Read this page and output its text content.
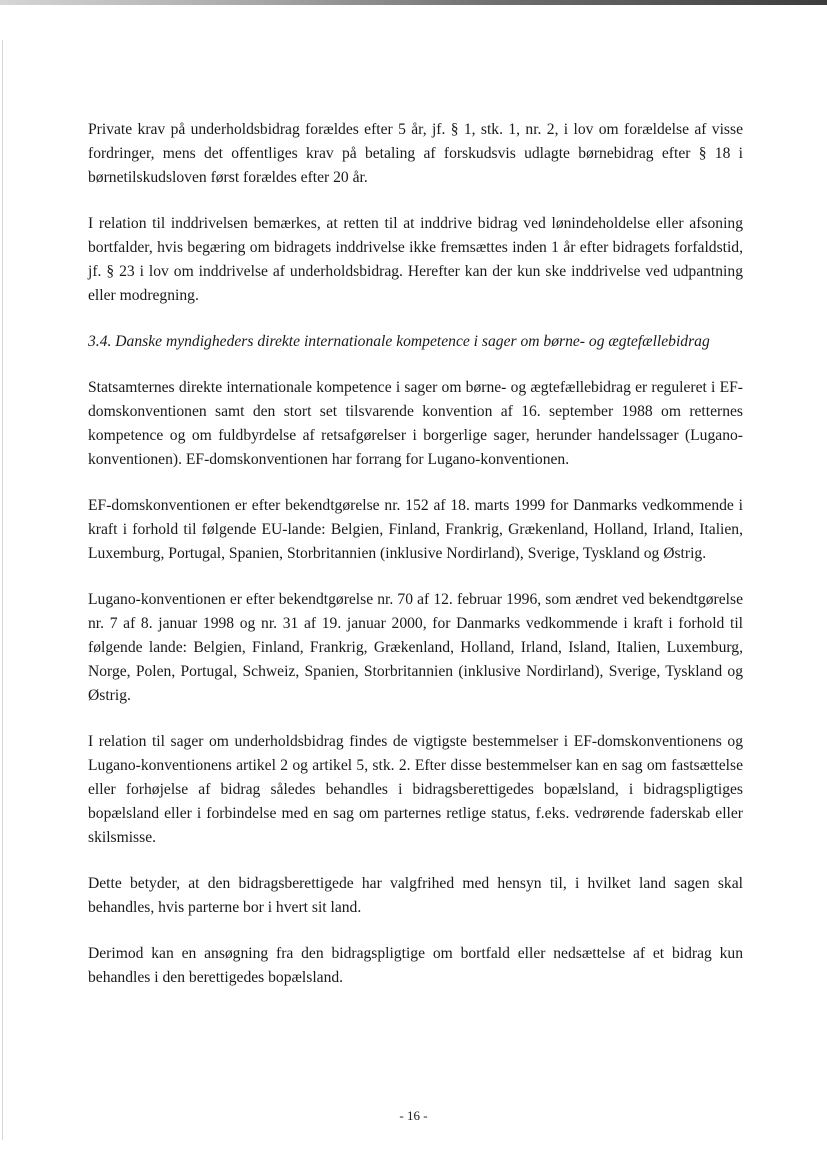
Private krav på underholdsbidrag forældes efter 5 år, jf. § 1, stk. 1, nr. 2, i lov om forældelse af visse fordringer, mens det offentliges krav på betaling af forskudsvis udlagte børnebidrag efter § 18 i børnetilskudsloven først forældes efter 20 år.

I relation til inddrivelsen bemærkes, at retten til at inddrive bidrag ved lønindeholdelse eller afsoning bortfalder, hvis begæring om bidragets inddrivelse ikke fremsættes inden 1 år efter bidragets forfaldstid, jf. § 23 i lov om inddrivelse af underholdsbidrag. Herefter kan der kun ske inddrivelse ved udpantning eller modregning.

3.4. Danske myndigheders direkte internationale kompetence i sager om børne- og ægtefællebidrag

Statsamternes direkte internationale kompetence i sager om børne- og ægtefællebidrag er reguleret i EF-domskonventionen samt den stort set tilsvarende konvention af 16. september 1988 om retternes kompetence og om fuldbyrdelse af retsafgørelser i borgerlige sager, herunder handelssager (Lugano-konventionen). EF-domskonventionen har forrang for Lugano-konventionen.

EF-domskonventionen er efter bekendtgørelse nr. 152 af 18. marts 1999 for Danmarks vedkommende i kraft i forhold til følgende EU-lande: Belgien, Finland, Frankrig, Grækenland, Holland, Irland, Italien, Luxemburg, Portugal, Spanien, Storbritannien (inklusive Nordirland), Sverige, Tyskland og Østrig.

Lugano-konventionen er efter bekendtgørelse nr. 70 af 12. februar 1996, som ændret ved bekendtgørelse nr. 7 af 8. januar 1998 og nr. 31 af 19. januar 2000, for Danmarks vedkommende i kraft i forhold til følgende lande: Belgien, Finland, Frankrig, Grækenland, Holland, Irland, Island, Italien, Luxemburg, Norge, Polen, Portugal, Schweiz, Spanien, Storbritannien (inklusive Nordirland), Sverige, Tyskland og Østrig.

I relation til sager om underholdsbidrag findes de vigtigste bestemmelser i EF-domskonventionens og Lugano-konventionens artikel 2 og artikel 5, stk. 2. Efter disse bestemmelser kan en sag om fastsættelse eller forhøjelse af bidrag således behandles i bidragsberettigedes bopælsland, i bidragspligtiges bopælsland eller i forbindelse med en sag om parternes retlige status, f.eks. vedrørende faderskab eller skilsmisse.

Dette betyder, at den bidragsberettigede har valgfrihed med hensyn til, i hvilket land sagen skal behandles, hvis parterne bor i hvert sit land.

Derimod kan en ansøgning fra den bidragspligtige om bortfald eller nedsættelse af et bidrag kun behandles i den berettigedes bopælsland.

- 16 -
